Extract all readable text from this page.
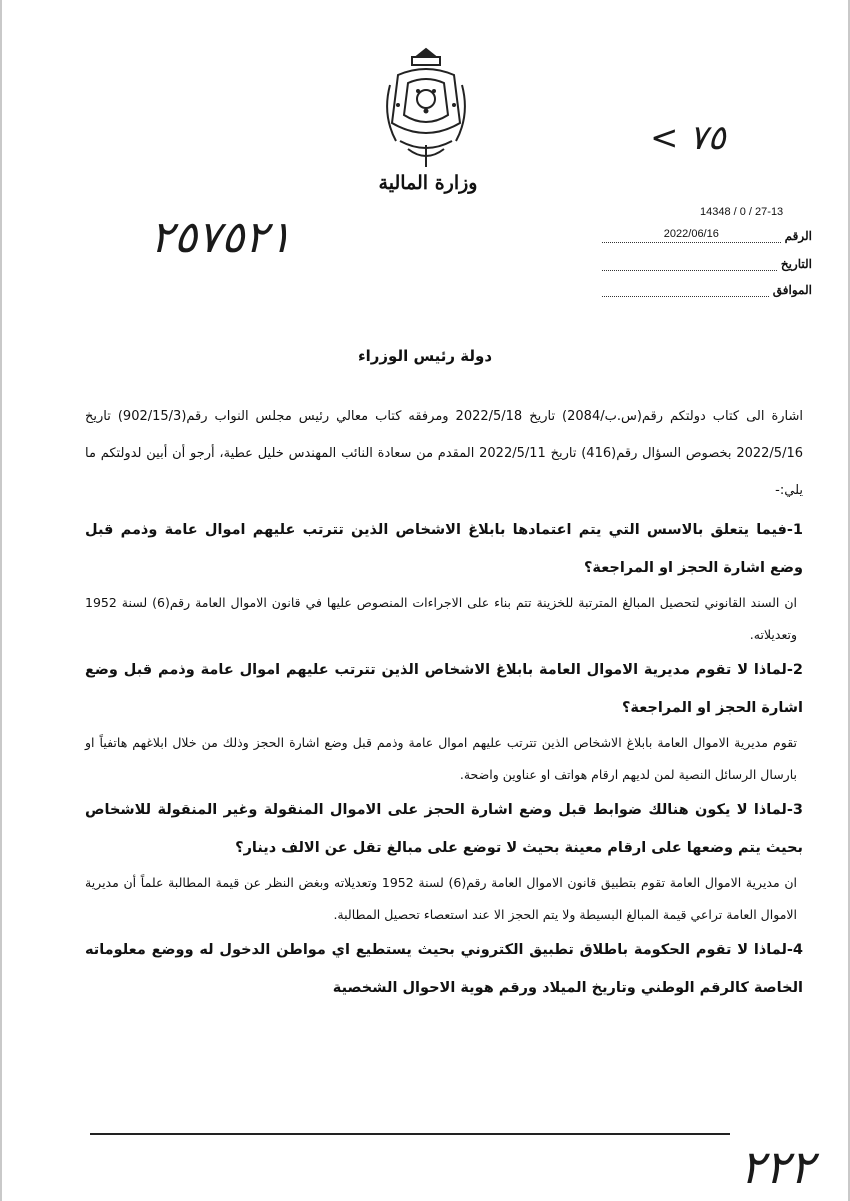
وزارة المالية
< ٧٥
٢٥٧٥٢١	14348 / 0 / 27-13
الرقم
2022/06/16
التاريخ
الموافق
دولة رئيس الوزراء

اشارة الى كتاب دولتكم رقم(س.ب/2084) تاريخ 2022/5/18 ومرفقه كتاب معالي رئيس مجلس النواب رقم(902/15/3) تاريخ 2022/5/16 بخصوص السؤال رقم(416) تاريخ 2022/5/11 المقدم من سعادة النائب المهندس خليل عطية، أرجو أن أبين لدولتكم ما يلي:-

1-فيما يتعلق بالاسس التي يتم اعتمادها بابلاغ الاشخاص الذين تترتب عليهم اموال عامة وذمم قبل وضع اشارة الحجز او المراجعة؟

ان السند القانوني لتحصيل المبالغ المترتبة للخزينة تتم بناء على الاجراءات المنصوص عليها في قانون الاموال العامة رقم(6) لسنة 1952 وتعديلاته.

2-لماذا لا تقوم مديرية الاموال العامة بابلاغ الاشخاص الذين تترتب عليهم اموال عامة وذمم قبل وضع اشارة الحجز او المراجعة؟

تقوم مديرية الاموال العامة بابلاغ الاشخاص الذين تترتب عليهم اموال عامة وذمم قبل وضع اشارة الحجز وذلك من خلال ابلاغهم هاتفياً او بارسال الرسائل النصية لمن لديهم ارقام هواتف او عناوين واضحة.

3-لماذا لا يكون هنالك ضوابط قبل وضع اشارة الحجز على الاموال المنقولة وغير المنقولة للاشخاص بحيث يتم وضعها على ارقام معينة بحيث لا توضع على مبالغ تقل عن الالف دينار؟

ان مديرية الاموال العامة تقوم بتطبيق قانون الاموال العامة رقم(6) لسنة 1952 وتعديلاته وبغض النظر عن قيمة المطالبة علماً أن مديرية الاموال العامة تراعي قيمة المبالغ البسيطة ولا يتم الحجز الا عند استعصاء تحصيل المطالبة.

4-لماذا لا تقوم الحكومة باطلاق تطبيق الكتروني بحيث يستطيع اي مواطن الدخول له ووضع معلوماته الخاصة كالرقم الوطني وتاريخ الميلاد ورقم هوية الاحوال الشخصية

٢٢٢
